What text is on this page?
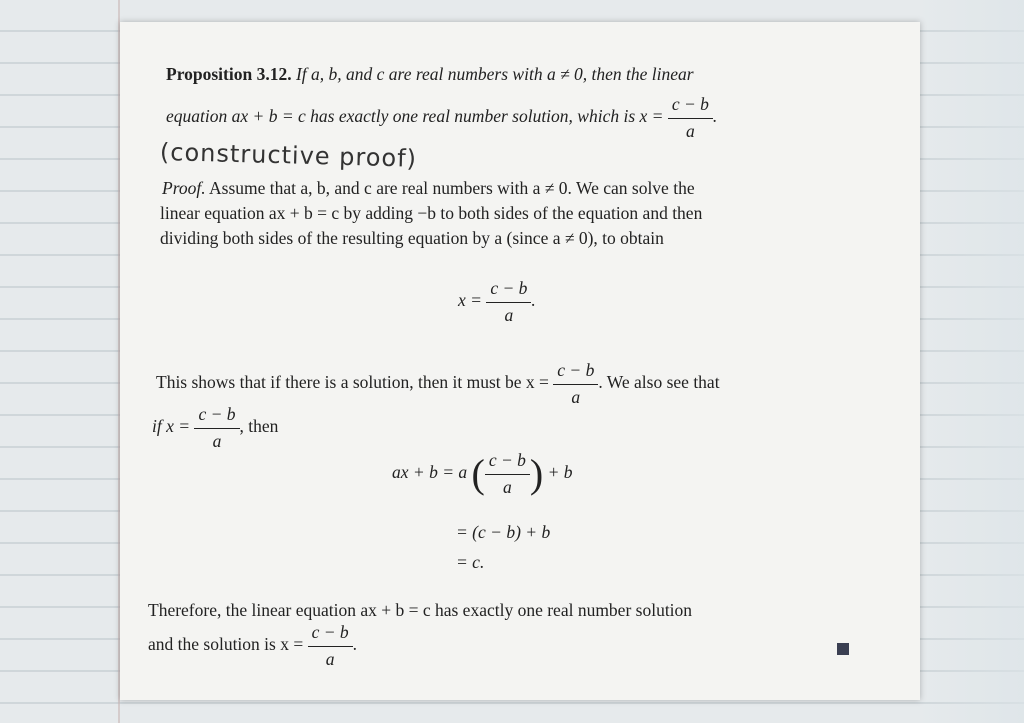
Proposition 3.12. If a, b, and c are real numbers with a ≠ 0, then the linear
equation ax + b = c has exactly one real number solution, which is $x = \frac{c - b}{a}$ .
(constructive proof)
Proof. Assume that a, b, and c are real numbers with a ≠ 0. We can solve the
linear equation ax + b = c by adding −b to both sides of the equation and then
dividing both sides of the resulting equation by a (since a ≠ 0), to obtain
$x = \frac{c - b}{a}$ .
This shows that if there is a solution, then it must be $x = \frac{c - b}{a}$ . We also see that
if $x = \frac{c - b}{a}$ , then
ax + b = a ( $\frac{c - b}{a}$ ) + b
= (c − b) + b
= c.
Therefore, the linear equation ax + b = c has exactly one real number solution
and the solution is $x = \frac{c - b}{a}$ .
